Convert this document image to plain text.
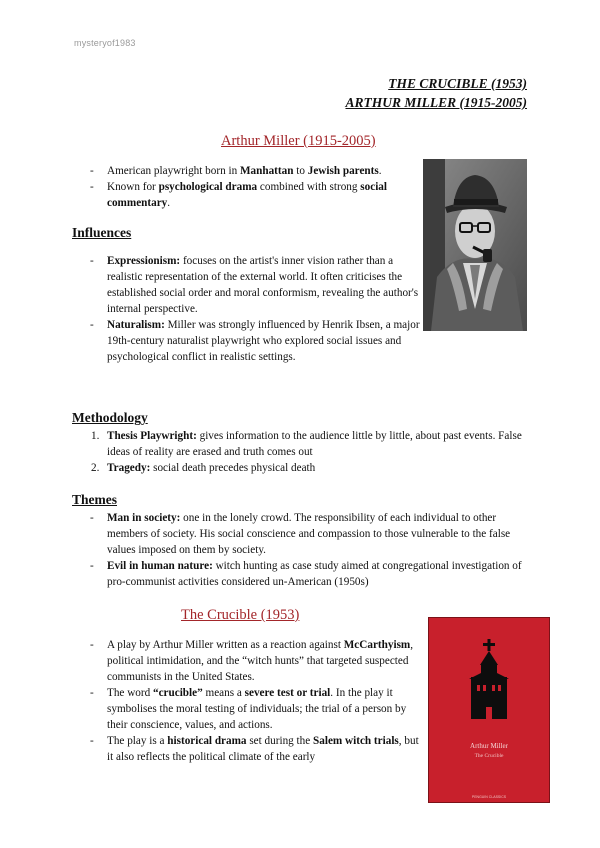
mysteryof1983
THE CRUCIBLE (1953)
ARTHUR MILLER (1915-2005)
Arthur Miller (1915-2005)
-	American playwright born in Manhattan to Jewish parents.
-	Known for psychological drama combined with strong social commentary.
Influences
-	Expressionism: focuses on the artist's inner vision rather than a realistic representation of the external world. It often criticises the established social order and moral conformism, revealing the author's internal perspective.
-	Naturalism: Miller was strongly influenced by Henrik Ibsen, a major 19th-century naturalist playwright who explored social issues and psychological conflict in realistic settings.
Methodology
1. Thesis Playwright: gives information to the audience little by little, about past events. False ideas of reality are erased and truth comes out
2. Tragedy: social death precedes physical death
Themes
-	Man in society: one in the lonely crowd. The responsibility of each individual to other members of society. His social conscience and compassion to those vulnerable to the false values imposed on them by society.
-	Evil in human nature: witch hunting as case study aimed at congregational investigation of pro-communist activities considered un-American (1950s)
The Crucible (1953)
-	A play by Arthur Miller written as a reaction against McCarthyism, political intimidation, and the “witch hunts” that targeted suspected communists in the United States.
-	The word “crucible” means a severe test or trial. In the play it symbolises the moral testing of individuals; the trial of a person by their conscience, values, and actions.
-	The play is a historical drama set during the Salem witch trials, but it also reflects the political climate of the early
Arthur Miller
The Crucible
PENGUIN CLASSICS
